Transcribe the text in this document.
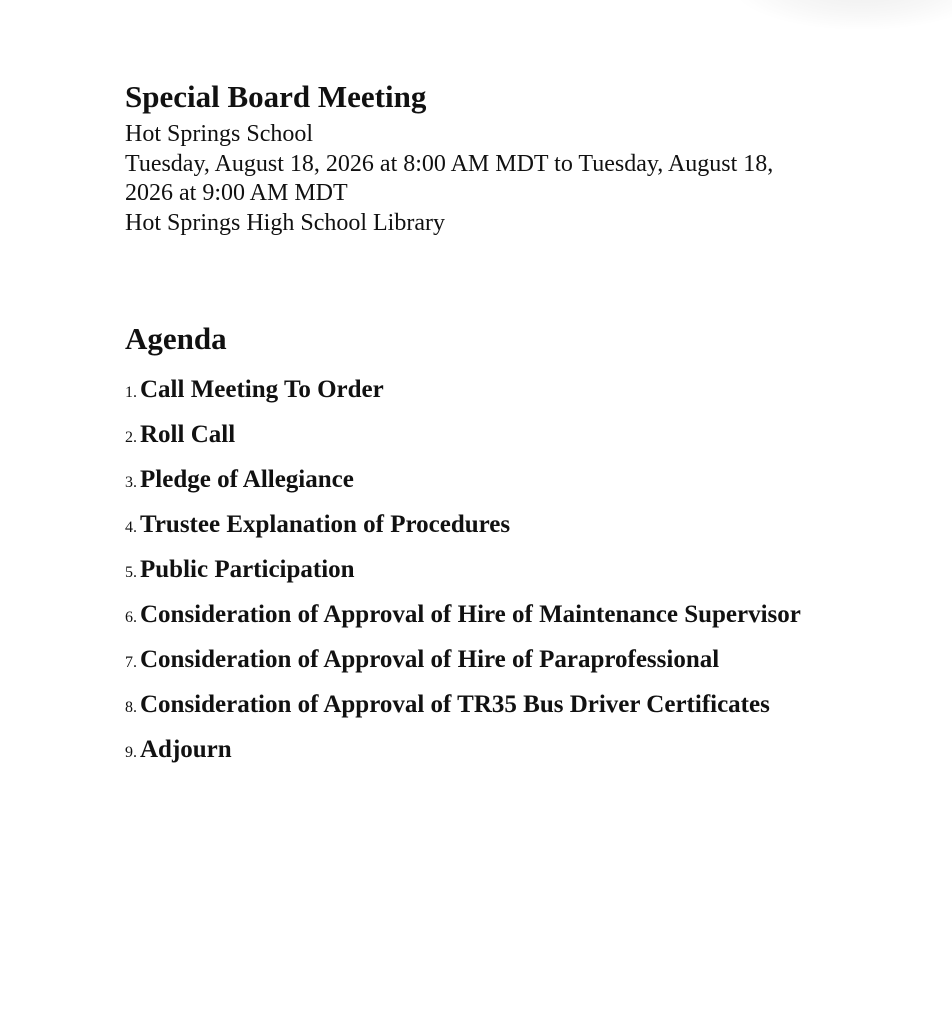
Special Board Meeting
Hot Springs School
Tuesday, August 18, 2026 at 8:00 AM MDT to Tuesday, August 18, 2026 at 9:00 AM MDT
Hot Springs High School Library
Agenda
1. Call Meeting To Order
2. Roll Call
3. Pledge of Allegiance
4. Trustee Explanation of Procedures
5. Public Participation
6. Consideration of Approval of Hire of Maintenance Supervisor
7. Consideration of Approval of Hire of Paraprofessional
8. Consideration of Approval of TR35 Bus Driver Certificates
9. Adjourn
